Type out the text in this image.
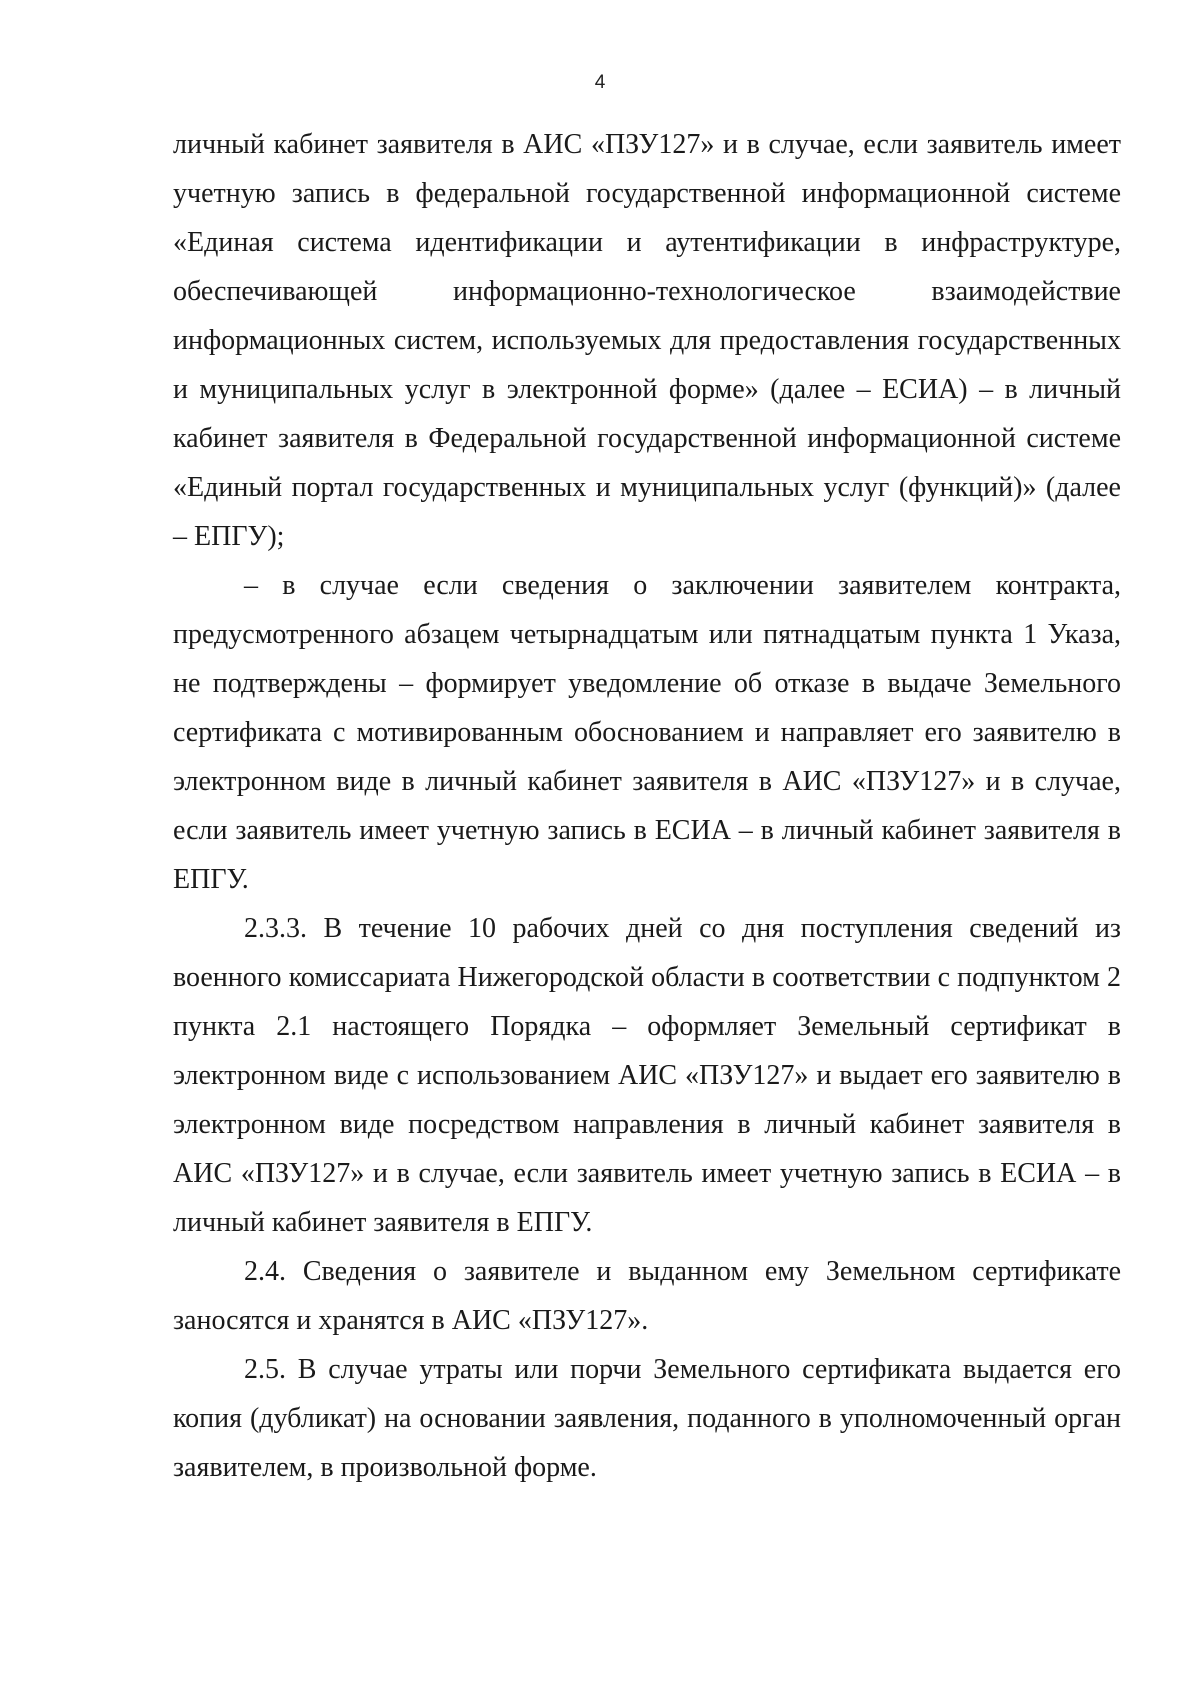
4

личный кабинет заявителя в АИС «ПЗУ127» и в случае, если заявитель имеет учетную запись в федеральной государственной информационной системе «Единая система идентификации и аутентификации в инфраструктуре, обеспечивающей информационно-технологическое взаимодействие информационных систем, используемых для предоставления государственных и муниципальных услуг в электронной форме» (далее – ЕСИА) – в личный кабинет заявителя в Федеральной государственной информационной системе «Единый портал государственных и муниципальных услуг (функций)» (далее – ЕПГУ);

– в случае если сведения о заключении заявителем контракта, предусмотренного абзацем четырнадцатым или пятнадцатым пункта 1 Указа, не подтверждены – формирует уведомление об отказе в выдаче Земельного сертификата с мотивированным обоснованием и направляет его заявителю в электронном виде в личный кабинет заявителя в АИС «ПЗУ127» и в случае, если заявитель имеет учетную запись в ЕСИА – в личный кабинет заявителя в ЕПГУ.

2.3.3. В течение 10 рабочих дней со дня поступления сведений из военного комиссариата Нижегородской области в соответствии с подпунктом 2 пункта 2.1 настоящего Порядка – оформляет Земельный сертификат в электронном виде с использованием АИС «ПЗУ127» и выдает его заявителю в электронном виде посредством направления в личный кабинет заявителя в АИС «ПЗУ127» и в случае, если заявитель имеет учетную запись в ЕСИА – в личный кабинет заявителя в ЕПГУ.

2.4. Сведения о заявителе и выданном ему Земельном сертификате заносятся и хранятся в АИС «ПЗУ127».

2.5. В случае утраты или порчи Земельного сертификата выдается его копия (дубликат) на основании заявления, поданного в уполномоченный орган заявителем, в произвольной форме.
